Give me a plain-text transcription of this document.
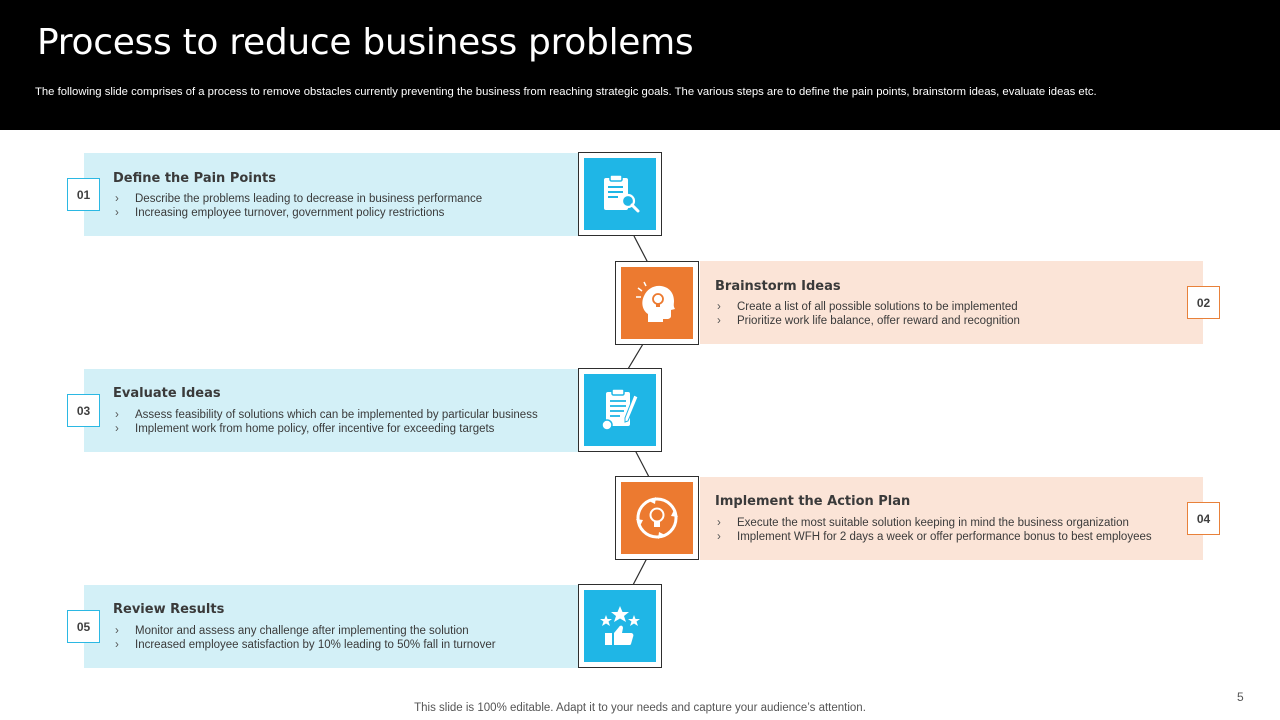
Process to reduce business problems
The following slide comprises of a process to remove obstacles currently preventing the business from reaching strategic goals. The various steps are to define the pain points, brainstorm ideas, evaluate ideas etc.
01
Define the Pain Points
› Describe the problems leading to decrease in business performance
› Increasing employee turnover, government policy restrictions
02
Brainstorm Ideas
› Create a list of all possible solutions to be implemented
› Prioritize work life balance, offer reward and recognition
03
Evaluate Ideas
› Assess feasibility of solutions which can be implemented by particular business
› Implement work from home policy, offer incentive for exceeding targets
04
Implement the Action Plan
› Execute the most suitable solution keeping in mind the business organization
› Implement WFH for 2 days a week or offer performance bonus to best employees
05
Review Results
› Monitor and assess any challenge after implementing the solution
› Increased employee satisfaction by 10% leading to 50% fall in turnover
This slide is 100% editable. Adapt it to your needs and capture your audience’s attention.
5
